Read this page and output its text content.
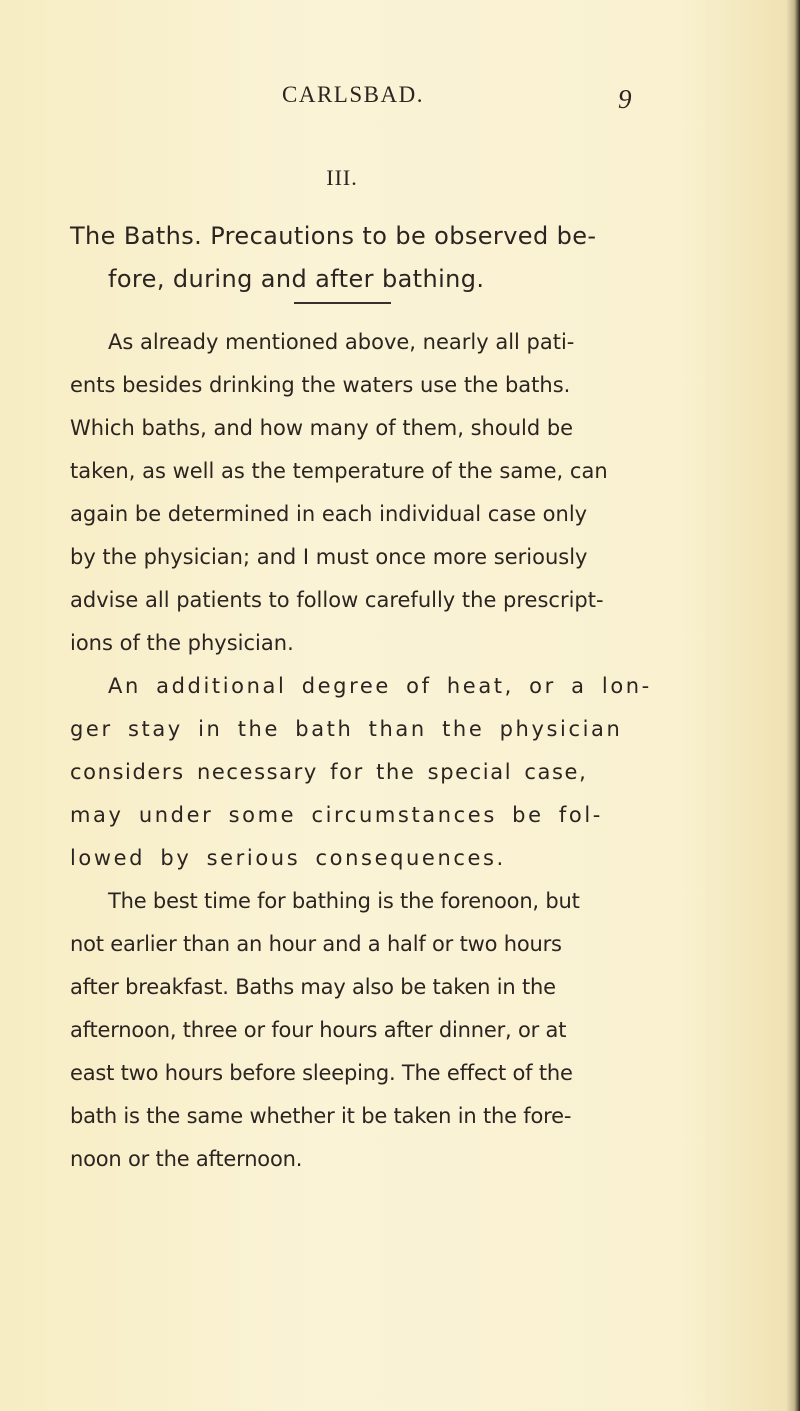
CARLSBAD.	9
III.
The Baths. Precautions to be observed be-
fore, during and after bathing.
As already mentioned above, nearly all pati-
ents besides drinking the waters use the baths.
Which baths, and how many of them, should be
taken, as well as the temperature of the same, can
again be determined in each individual case only
by the physician; and I must once more seriously
advise all patients to follow carefully the prescript-
ions of the physician.
An additional degree of heat, or a lon-
ger stay in the bath than the physician
considers necessary for the special case,
may under some circumstances be fol-
lowed by serious consequences.
The best time for bathing is the forenoon, but
not earlier than an hour and a half or two hours
after breakfast. Baths may also be taken in the
afternoon, three or four hours after dinner, or at
east two hours before sleeping. The effect of the
bath is the same whether it be taken in the fore-
noon or the afternoon.
